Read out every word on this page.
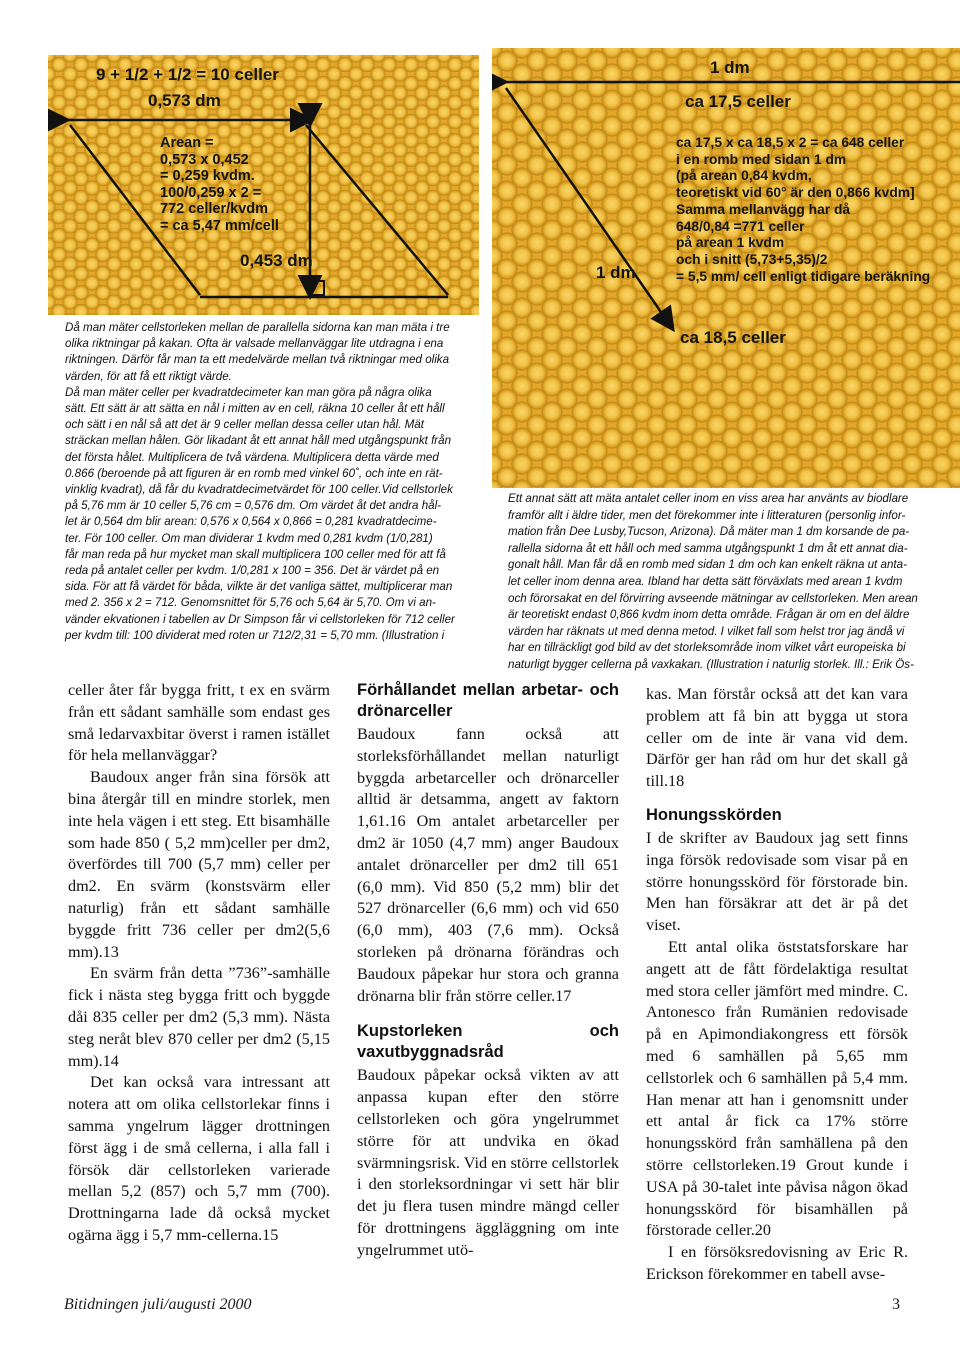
9 + 1/2 + 1/2 = 10 celler
0,573 dm
Arean =
0,573 x 0,452
= 0,259 kvdm.
100/0,259 x 2 =
772 celler/kvdm
= ca 5,47 mm/cell
0,453 dm

Då man mäter cellstorleken mellan de parallella sidorna kan man mäta i tre
olika riktningar på kakan. Ofta är valsade mellanväggar lite utdragna i ena
riktningen. Därför får man ta ett medelvärde mellan två riktningar med olika
värden, för att få ett riktigt värde.
Då man mäter celler per kvadratdecimeter kan man göra på några olika
sätt. Ett sätt är att sätta en nål i mitten av en cell, räkna 10 celler åt ett håll
och sätt i en nål så att det är 9 celler mellan dessa celler utan hål. Mät
sträckan mellan hålen. Gör likadant åt ett annat håll med utgångspunkt från
det första hålet. Multiplicera de två värdena. Multiplicera detta värde med
0.866 (beroende på att figuren är en romb med vinkel 60˚, och inte en rät-
vinklig kvadrat), då får du kvadratdecimetvärdet för 100 celler.Vid cellstorlek
på 5,76 mm är 10 celler 5,76 cm = 0,576 dm. Om värdet åt det andra hål-
let är 0,564 dm blir arean: 0,576 x 0,564 x 0,866 = 0,281 kvadratdecime-
ter. För 100 celler. Om man dividerar 1 kvdm med 0,281 kvdm (1/0,281)
får man reda på hur mycket man skall multiplicera 100 celler med för att få
reda på antalet celler per kvdm. 1/0,281 x 100 = 356. Det är värdet på en
sida. För att få värdet för båda, vilkte är det vanliga sättet, multiplicerar man
med 2. 356 x 2 = 712. Genomsnittet för 5,76 och 5,64 är 5,70. Om vi an-
vänder ekvationen i tabellen av Dr Simpson får vi cellstorleken för 712 celler
per kvdm till: 100 dividerat med roten ur 712/2,31 = 5,70 mm. (Illustration i

1 dm
ca 17,5 celler
ca 17,5 x ca 18,5 x 2 = ca 648 celler
i en romb med sidan 1 dm
(på arean 0,84 kvdm,
teoretiskt vid 60° är den 0,866 kvdm]
Samma mellanvägg har då
648/0,84 =771 celler
på arean 1 kvdm
och i snitt (5,73+5,35)/2
= 5,5 mm/ cell enligt tidigare beräkning
1 dm
ca 18,5 celler

Ett annat sätt att mäta antalet celler inom en viss area har använts av biodlare
framför allt i äldre tider, men det förekommer inte i litteraturen (personlig infor-
mation från Dee Lusby,Tucson, Arizona). Då mäter man 1 dm korsande de pa-
rallella sidorna åt ett håll och med samma utgångspunkt 1 dm åt ett annat dia-
gonalt håll. Man får då en romb med sidan 1 dm och kan enkelt räkna ut anta-
let celler inom denna area. Ibland har detta sätt förväxlats med arean 1 kvdm
och förorsakat en del förvirring avseende mätningar av cellstorleken. Men arean
är teoretiskt endast 0,866 kvdm inom detta område. Frågan är om en del äldre
värden har räknats ut med denna metod. I vilket fall som helst tror jag ändå vi
har en tillräckligt god bild av det storleksområde inom vilket vårt europeiska bi
naturligt bygger cellerna på vaxkakan. (Illustration i naturlig storlek. Ill.: Erik Ös-

celler åter får bygga fritt, t ex en svärm från ett sådant samhälle som endast ges små ledarvaxbitar överst i ramen istället för hela mellanväggar?

Baudoux anger från sina försök att bina återgår till en mindre storlek, men inte hela vägen i ett steg. Ett bisamhälle som hade 850 ( 5,2 mm)celler per dm2, överfördes till 700 (5,7 mm) celler per dm2. En svärm (konstsvärm eller naturlig) från ett sådant samhälle byggde fritt 736 celler per dm2(5,6 mm).13

En svärm från detta ”736”-samhälle fick i nästa steg bygga fritt och byggde dåi 835 celler per dm2 (5,3 mm). Nästa steg neråt blev 870 celler per dm2 (5,15 mm).14

Det kan också vara intressant att notera att om olika cellstorlekar finns i samma yngelrum lägger drottningen först ägg i de små cellerna, i alla fall i försök där cellstorleken varierade mellan 5,2 (857) och 5,7 mm (700). Drottningarna lade då också mycket ogärna ägg i 5,7 mm-cellerna.15

Förhållandet mellan arbetar- och drönarceller

Baudoux fann också att storleksförhållandet mellan naturligt byggda arbetarceller och drönarceller alltid är detsamma, angett av faktorn 1,61.16 Om antalet arbetarceller per dm2 är 1050 (4,7 mm) anger Baudoux antalet drönarceller per dm2 till 651 (6,0 mm). Vid 850 (5,2 mm) blir det 527 drönarceller (6,6 mm) och vid 650 (6,0 mm), 403 (7,6 mm). Också storleken på drönarna förändras och Baudoux påpekar hur stora och granna drönarna blir från större celler.17

Kupstorleken och vaxutbyggnadsråd

Baudoux påpekar också vikten av att anpassa kupan efter den större cellstorleken och göra yngelrummet större för att undvika en ökad svärmningsrisk. Vid en större cellstorlek i den storleksordningar vi sett här blir det ju flera tusen mindre mängd celler för drottningens äggläggning om inte yngelrummet utö-

kas. Man förstår också att det kan vara problem att få bin att bygga ut stora celler om de inte är vana vid dem. Därför ger han råd om hur det skall gå till.18

Honungsskörden

I de skrifter av Baudoux jag sett finns inga försök redovisade som visar på en större honungsskörd för förstorade bin. Men han försäkrar att det är på det viset.

Ett antal olika öststatsforskare har angett att de fått fördelaktiga resultat med stora celler jämfört med mindre. C. Antonesco från Rumänien redovisade på en Apimondiakongress ett försök med 6 samhällen på 5,65 mm cellstorlek och 6 samhällen på 5,4 mm. Han menar att han i genomsnitt under ett antal år fick ca 17% större honungsskörd från samhällena på den större cellstorleken.19 Grout kunde i USA på 30-talet inte påvisa någon ökad honungsskörd för bisamhällen på förstorade celler.20

I en försöksredovisning av Eric R. Erickson förekommer en tabell avse-

Bitidningen juli/augusti 2000	3
